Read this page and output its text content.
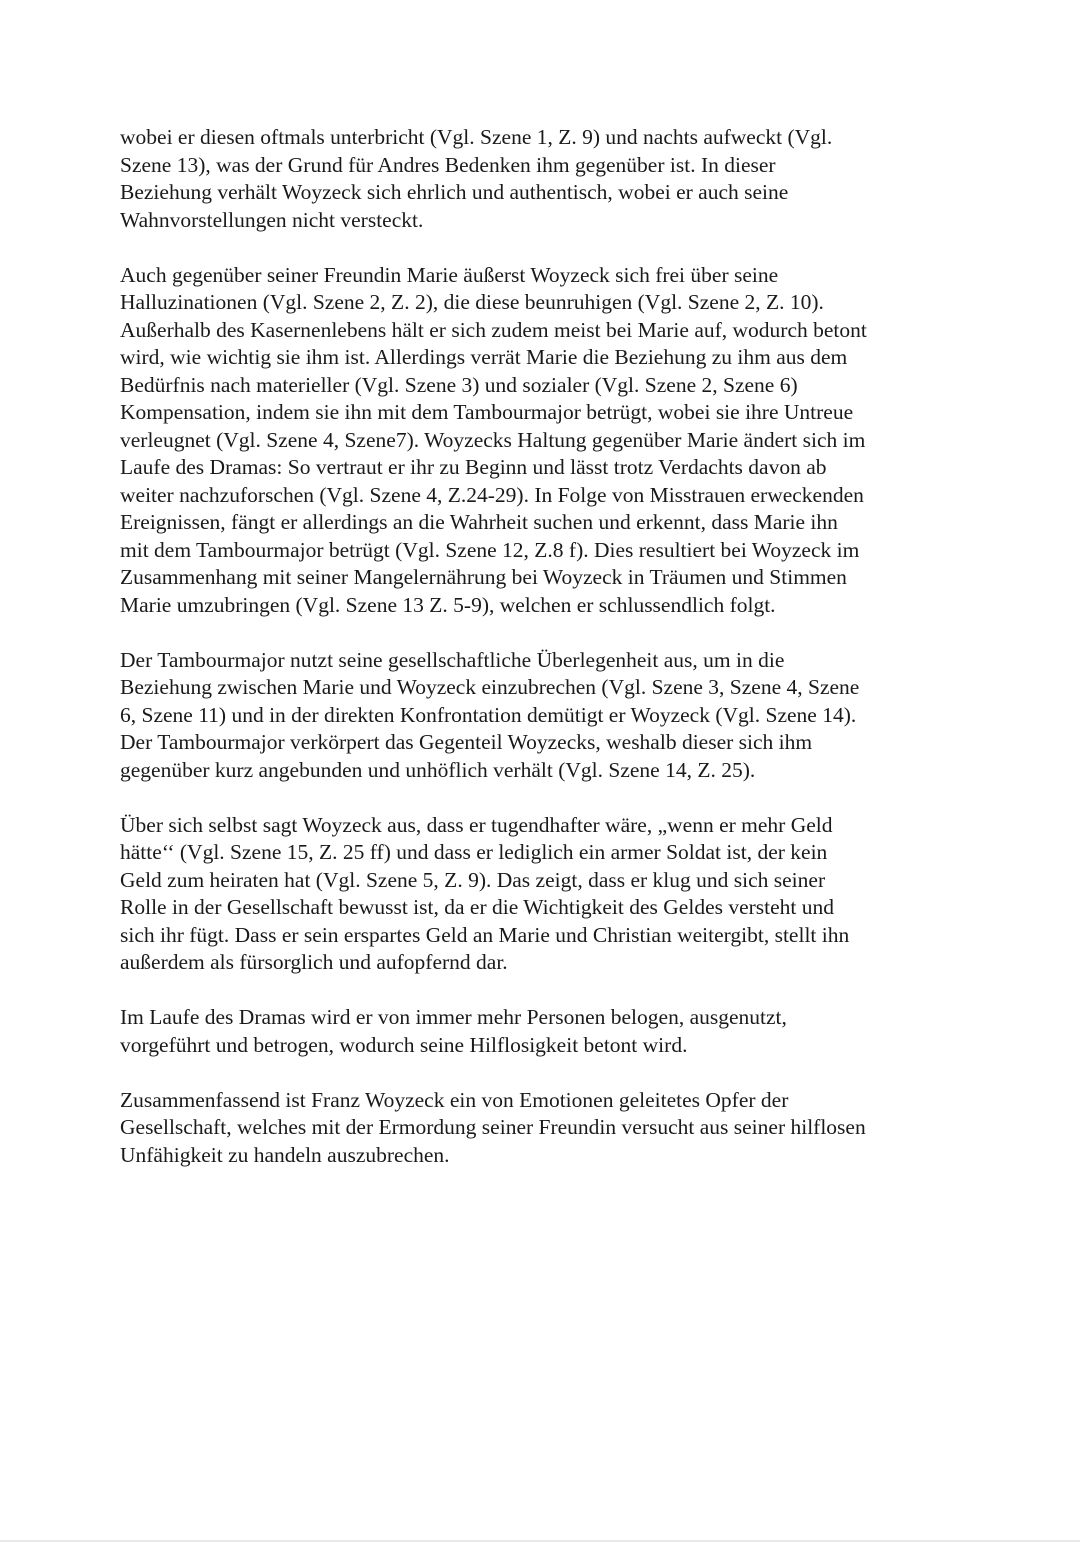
wobei er diesen oftmals unterbricht (Vgl. Szene 1, Z. 9) und nachts aufweckt (Vgl.
Szene 13), was der Grund für Andres Bedenken ihm gegenüber ist. In dieser
Beziehung verhält Woyzeck sich ehrlich und authentisch, wobei er auch seine
Wahnvorstellungen nicht versteckt.

Auch gegenüber seiner Freundin Marie äußerst Woyzeck sich frei über seine
Halluzinationen (Vgl. Szene 2, Z. 2), die diese beunruhigen (Vgl. Szene 2, Z. 10).
Außerhalb des Kasernenlebens hält er sich zudem meist bei Marie auf, wodurch betont
wird, wie wichtig sie ihm ist. Allerdings verrät Marie die Beziehung zu ihm aus dem
Bedürfnis nach materieller (Vgl. Szene 3) und sozialer (Vgl. Szene 2, Szene 6)
Kompensation, indem sie ihn mit dem Tambourmajor betrügt, wobei sie ihre Untreue
verleugnet (Vgl. Szene 4, Szene7). Woyzecks Haltung gegenüber Marie ändert sich im
Laufe des Dramas: So vertraut er ihr zu Beginn und lässt trotz Verdachts davon ab
weiter nachzuforschen (Vgl. Szene 4, Z.24-29). In Folge von Misstrauen erweckenden
Ereignissen, fängt er allerdings an die Wahrheit suchen und erkennt, dass Marie ihn
mit dem Tambourmajor betrügt (Vgl. Szene 12, Z.8 f). Dies resultiert bei Woyzeck im
Zusammenhang mit seiner Mangelernährung bei Woyzeck in Träumen und Stimmen
Marie umzubringen (Vgl. Szene 13 Z. 5-9), welchen er schlussendlich folgt.

Der Tambourmajor nutzt seine gesellschaftliche Überlegenheit aus, um in die
Beziehung zwischen Marie und Woyzeck einzubrechen (Vgl. Szene 3, Szene 4, Szene
6, Szene 11) und in der direkten Konfrontation demütigt er Woyzeck (Vgl. Szene 14).
Der Tambourmajor verkörpert das Gegenteil Woyzecks, weshalb dieser sich ihm
gegenüber kurz angebunden und unhöflich verhält (Vgl. Szene 14, Z. 25).

Über sich selbst sagt Woyzeck aus, dass er tugendhafter wäre, „wenn er mehr Geld
hätte‘‘ (Vgl. Szene 15, Z. 25 ff) und dass er lediglich ein armer Soldat ist, der kein
Geld zum heiraten hat (Vgl. Szene 5, Z. 9). Das zeigt, dass er klug und sich seiner
Rolle in der Gesellschaft bewusst ist, da er die Wichtigkeit des Geldes versteht und
sich ihr fügt. Dass er sein erspartes Geld an Marie und Christian weitergibt, stellt ihn
außerdem als fürsorglich und aufopfernd dar.

Im Laufe des Dramas wird er von immer mehr Personen belogen, ausgenutzt,
vorgeführt und betrogen, wodurch seine Hilflosigkeit betont wird.

Zusammenfassend ist Franz Woyzeck ein von Emotionen geleitetes Opfer der
Gesellschaft, welches mit der Ermordung seiner Freundin versucht aus seiner hilflosen
Unfähigkeit zu handeln auszubrechen.
